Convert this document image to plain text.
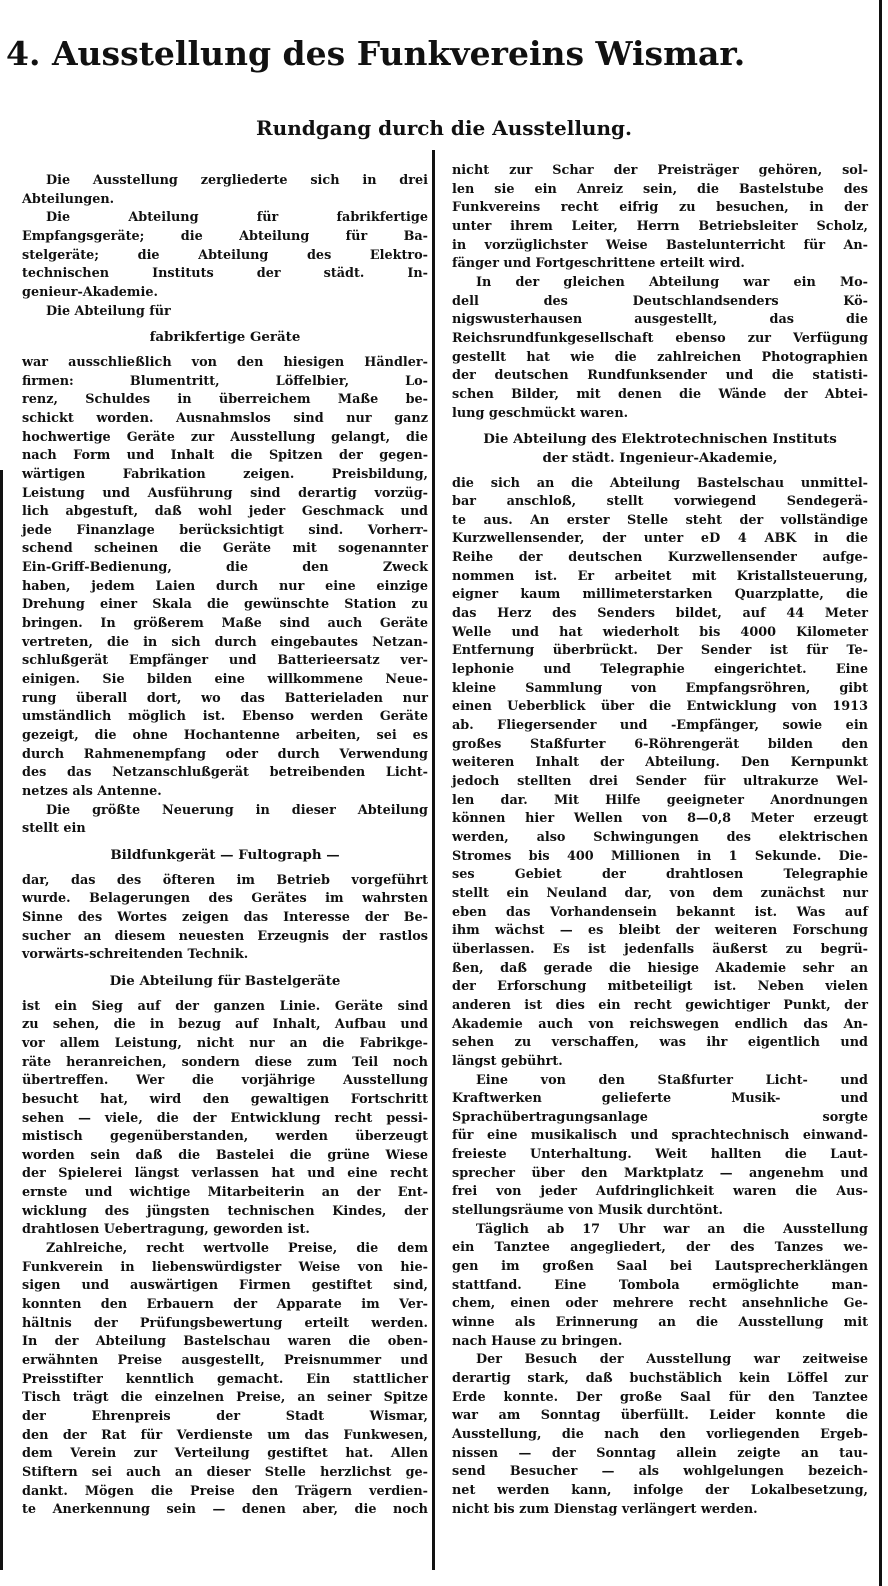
4. Ausstellung des Funkvereins Wismar.
Rundgang durch die Ausstellung.
Die Ausstellung zergliederte sich in drei
Abteilungen.
Die Abteilung für fabrikfertige
Empfangsgeräte; die Abteilung für Ba-
stelgeräte; die Abteilung des Elektro-
technischen Instituts der städt. In-
genieur-Akademie.
Die Abteilung für
fabrikfertige Geräte
war ausschließlich von den hiesigen Händler-
firmen: Blumentritt, Löffelbier, Lo-
renz, Schuldes in überreichem Maße be-
schickt worden. Ausnahmslos sind nur ganz
hochwertige Geräte zur Ausstellung gelangt, die
nach Form und Inhalt die Spitzen der gegen-
wärtigen Fabrikation zeigen. Preisbildung,
Leistung und Ausführung sind derartig vorzüg-
lich abgestuft, daß wohl jeder Geschmack und
jede Finanzlage berücksichtigt sind. Vorherr-
schend scheinen die Geräte mit sogenannter
Ein-Griff-Bedienung, die den Zweck
haben, jedem Laien durch nur eine einzige
Drehung einer Skala die gewünschte Station zu
bringen. In größerem Maße sind auch Geräte
vertreten, die in sich durch eingebautes Netzan-
schlußgerät Empfänger und Batterieersatz ver-
einigen. Sie bilden eine willkommene Neue-
rung überall dort, wo das Batterieladen nur
umständlich möglich ist. Ebenso werden Geräte
gezeigt, die ohne Hochantenne arbeiten, sei es
durch Rahmenempfang oder durch Verwendung
des das Netzanschlußgerät betreibenden Licht-
netzes als Antenne.
Die größte Neuerung in dieser Abteilung
stellt ein
Bildfunkgerät — Fultograph —
dar, das des öfteren im Betrieb vorgeführt
wurde. Belagerungen des Gerätes im wahrsten
Sinne des Wortes zeigen das Interesse der Be-
sucher an diesem neuesten Erzeugnis der rastlos
vorwärts-schreitenden Technik.
Die Abteilung für Bastelgeräte
ist ein Sieg auf der ganzen Linie. Geräte sind
zu sehen, die in bezug auf Inhalt, Aufbau und
vor allem Leistung, nicht nur an die Fabrikge-
räte heranreichen, sondern diese zum Teil noch
übertreffen. Wer die vorjährige Ausstellung
besucht hat, wird den gewaltigen Fortschritt
sehen — viele, die der Entwicklung recht pessi-
mistisch gegenüberstanden, werden überzeugt
worden sein daß die Bastelei die grüne Wiese
der Spielerei längst verlassen hat und eine recht
ernste und wichtige Mitarbeiterin an der Ent-
wicklung des jüngsten technischen Kindes, der
drahtlosen Uebertragung, geworden ist.
Zahlreiche, recht wertvolle Preise, die dem
Funkverein in liebenswürdigster Weise von hie-
sigen und auswärtigen Firmen gestiftet sind,
konnten den Erbauern der Apparate im Ver-
hältnis der Prüfungsbewertung erteilt werden.
In der Abteilung Bastelschau waren die oben-
erwähnten Preise ausgestellt, Preisnummer und
Preisstifter kenntlich gemacht. Ein stattlicher
Tisch trägt die einzelnen Preise, an seiner Spitze
der Ehrenpreis der Stadt Wismar,
den der Rat für Verdienste um das Funkwesen,
dem Verein zur Verteilung gestiftet hat. Allen
Stiftern sei auch an dieser Stelle herzlichst ge-
dankt. Mögen die Preise den Trägern verdien-
te Anerkennung sein — denen aber, die noch
nicht zur Schar der Preisträger gehören, sol-
len sie ein Anreiz sein, die Bastelstube des
Funkvereins recht eifrig zu besuchen, in der
unter ihrem Leiter, Herrn Betriebsleiter Scholz,
in vorzüglichster Weise Bastelunterricht für An-
fänger und Fortgeschrittene erteilt wird.
In der gleichen Abteilung war ein Mo-
dell des Deutschlandsenders Kö-
nigswusterhausen ausgestellt, das die
Reichsrundfunkgesellschaft ebenso zur Verfügung
gestellt hat wie die zahlreichen Photographien
der deutschen Rundfunksender und die statisti-
schen Bilder, mit denen die Wände der Abtei-
lung geschmückt waren.
Die Abteilung des Elektrotechnischen Instituts
der städt. Ingenieur-Akademie,
die sich an die Abteilung Bastelschau unmittel-
bar anschloß, stellt vorwiegend Sendegerä-
te aus. An erster Stelle steht der vollständige
Kurzwellensender, der unter eD 4 ABK in die
Reihe der deutschen Kurzwellensender aufge-
nommen ist. Er arbeitet mit Kristallsteuerung,
eigner kaum millimeterstarken Quarzplatte, die
das Herz des Senders bildet, auf 44 Meter
Welle und hat wiederholt bis 4000 Kilometer
Entfernung überbrückt. Der Sender ist für Te-
lephonie und Telegraphie eingerichtet. Eine
kleine Sammlung von Empfangsröhren, gibt
einen Ueberblick über die Entwicklung von 1913
ab. Fliegersender und -Empfänger, sowie ein
großes Staßfurter 6-Röhrengerät bilden den
weiteren Inhalt der Abteilung. Den Kernpunkt
jedoch stellten drei Sender für ultrakurze Wel-
len dar. Mit Hilfe geeigneter Anordnungen
können hier Wellen von 8—0,8 Meter erzeugt
werden, also Schwingungen des elektrischen
Stromes bis 400 Millionen in 1 Sekunde. Die-
ses Gebiet der drahtlosen Telegraphie
stellt ein Neuland dar, von dem zunächst nur
eben das Vorhandensein bekannt ist. Was auf
ihm wächst — es bleibt der weiteren Forschung
überlassen. Es ist jedenfalls äußerst zu begrü-
ßen, daß gerade die hiesige Akademie sehr an
der Erforschung mitbeteiligt ist. Neben vielen
anderen ist dies ein recht gewichtiger Punkt, der
Akademie auch von reichswegen endlich das An-
sehen zu verschaffen, was ihr eigentlich und
längst gebührt.
Eine von den Staßfurter Licht- und
Kraftwerken gelieferte Musik- und
Sprachübertragungsanlage sorgte
für eine musikalisch und sprachtechnisch einwand-
freieste Unterhaltung. Weit hallten die Laut-
sprecher über den Marktplatz — angenehm und
frei von jeder Aufdringlichkeit waren die Aus-
stellungsräume von Musik durchtönt.
Täglich ab 17 Uhr war an die Ausstellung
ein Tanztee angegliedert, der des Tanzes we-
gen im großen Saal bei Lautsprecherklängen
stattfand. Eine Tombola ermöglichte man-
chem, einen oder mehrere recht ansehnliche Ge-
winne als Erinnerung an die Ausstellung mit
nach Hause zu bringen.
Der Besuch der Ausstellung war zeitweise
derartig stark, daß buchstäblich kein Löffel zur
Erde konnte. Der große Saal für den Tanztee
war am Sonntag überfüllt. Leider konnte die
Ausstellung, die nach den vorliegenden Ergeb-
nissen — der Sonntag allein zeigte an tau-
send Besucher — als wohlgelungen bezeich-
net werden kann, infolge der Lokalbesetzung,
nicht bis zum Dienstag verlängert werden.
